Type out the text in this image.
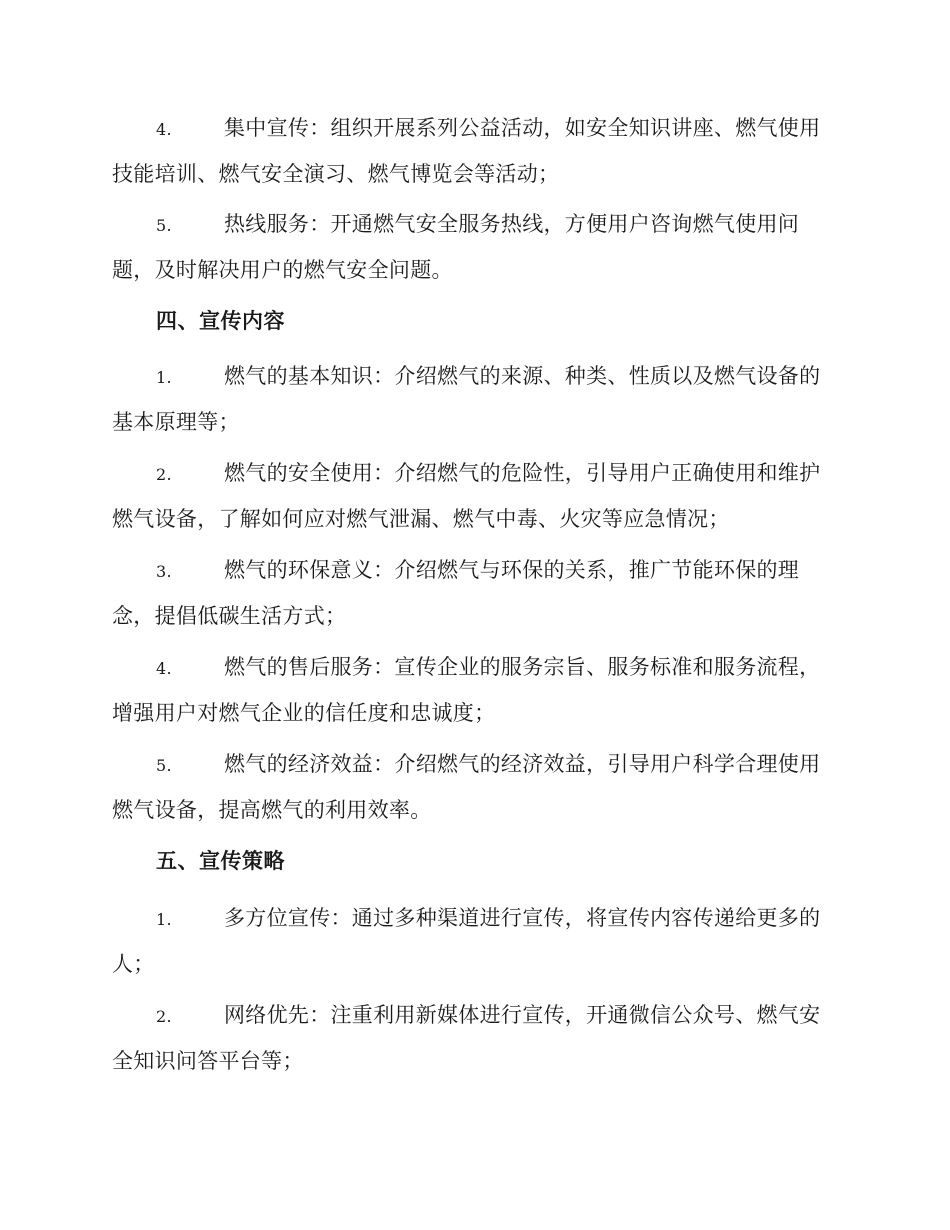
4. 集中宣传：组织开展系列公益活动，如安全知识讲座、燃气使用技能培训、燃气安全演习、燃气博览会等活动；
5. 热线服务：开通燃气安全服务热线，方便用户咨询燃气使用问题，及时解决用户的燃气安全问题。
四、宣传内容
1. 燃气的基本知识：介绍燃气的来源、种类、性质以及燃气设备的基本原理等；
2. 燃气的安全使用：介绍燃气的危险性，引导用户正确使用和维护燃气设备，了解如何应对燃气泄漏、燃气中毒、火灾等应急情况；
3. 燃气的环保意义：介绍燃气与环保的关系，推广节能环保的理念，提倡低碳生活方式；
4. 燃气的售后服务：宣传企业的服务宗旨、服务标准和服务流程，增强用户对燃气企业的信任度和忠诚度；
5. 燃气的经济效益：介绍燃气的经济效益，引导用户科学合理使用燃气设备，提高燃气的利用效率。
五、宣传策略
1. 多方位宣传：通过多种渠道进行宣传，将宣传内容传递给更多的人；
2. 网络优先：注重利用新媒体进行宣传，开通微信公众号、燃气安全知识问答平台等；
